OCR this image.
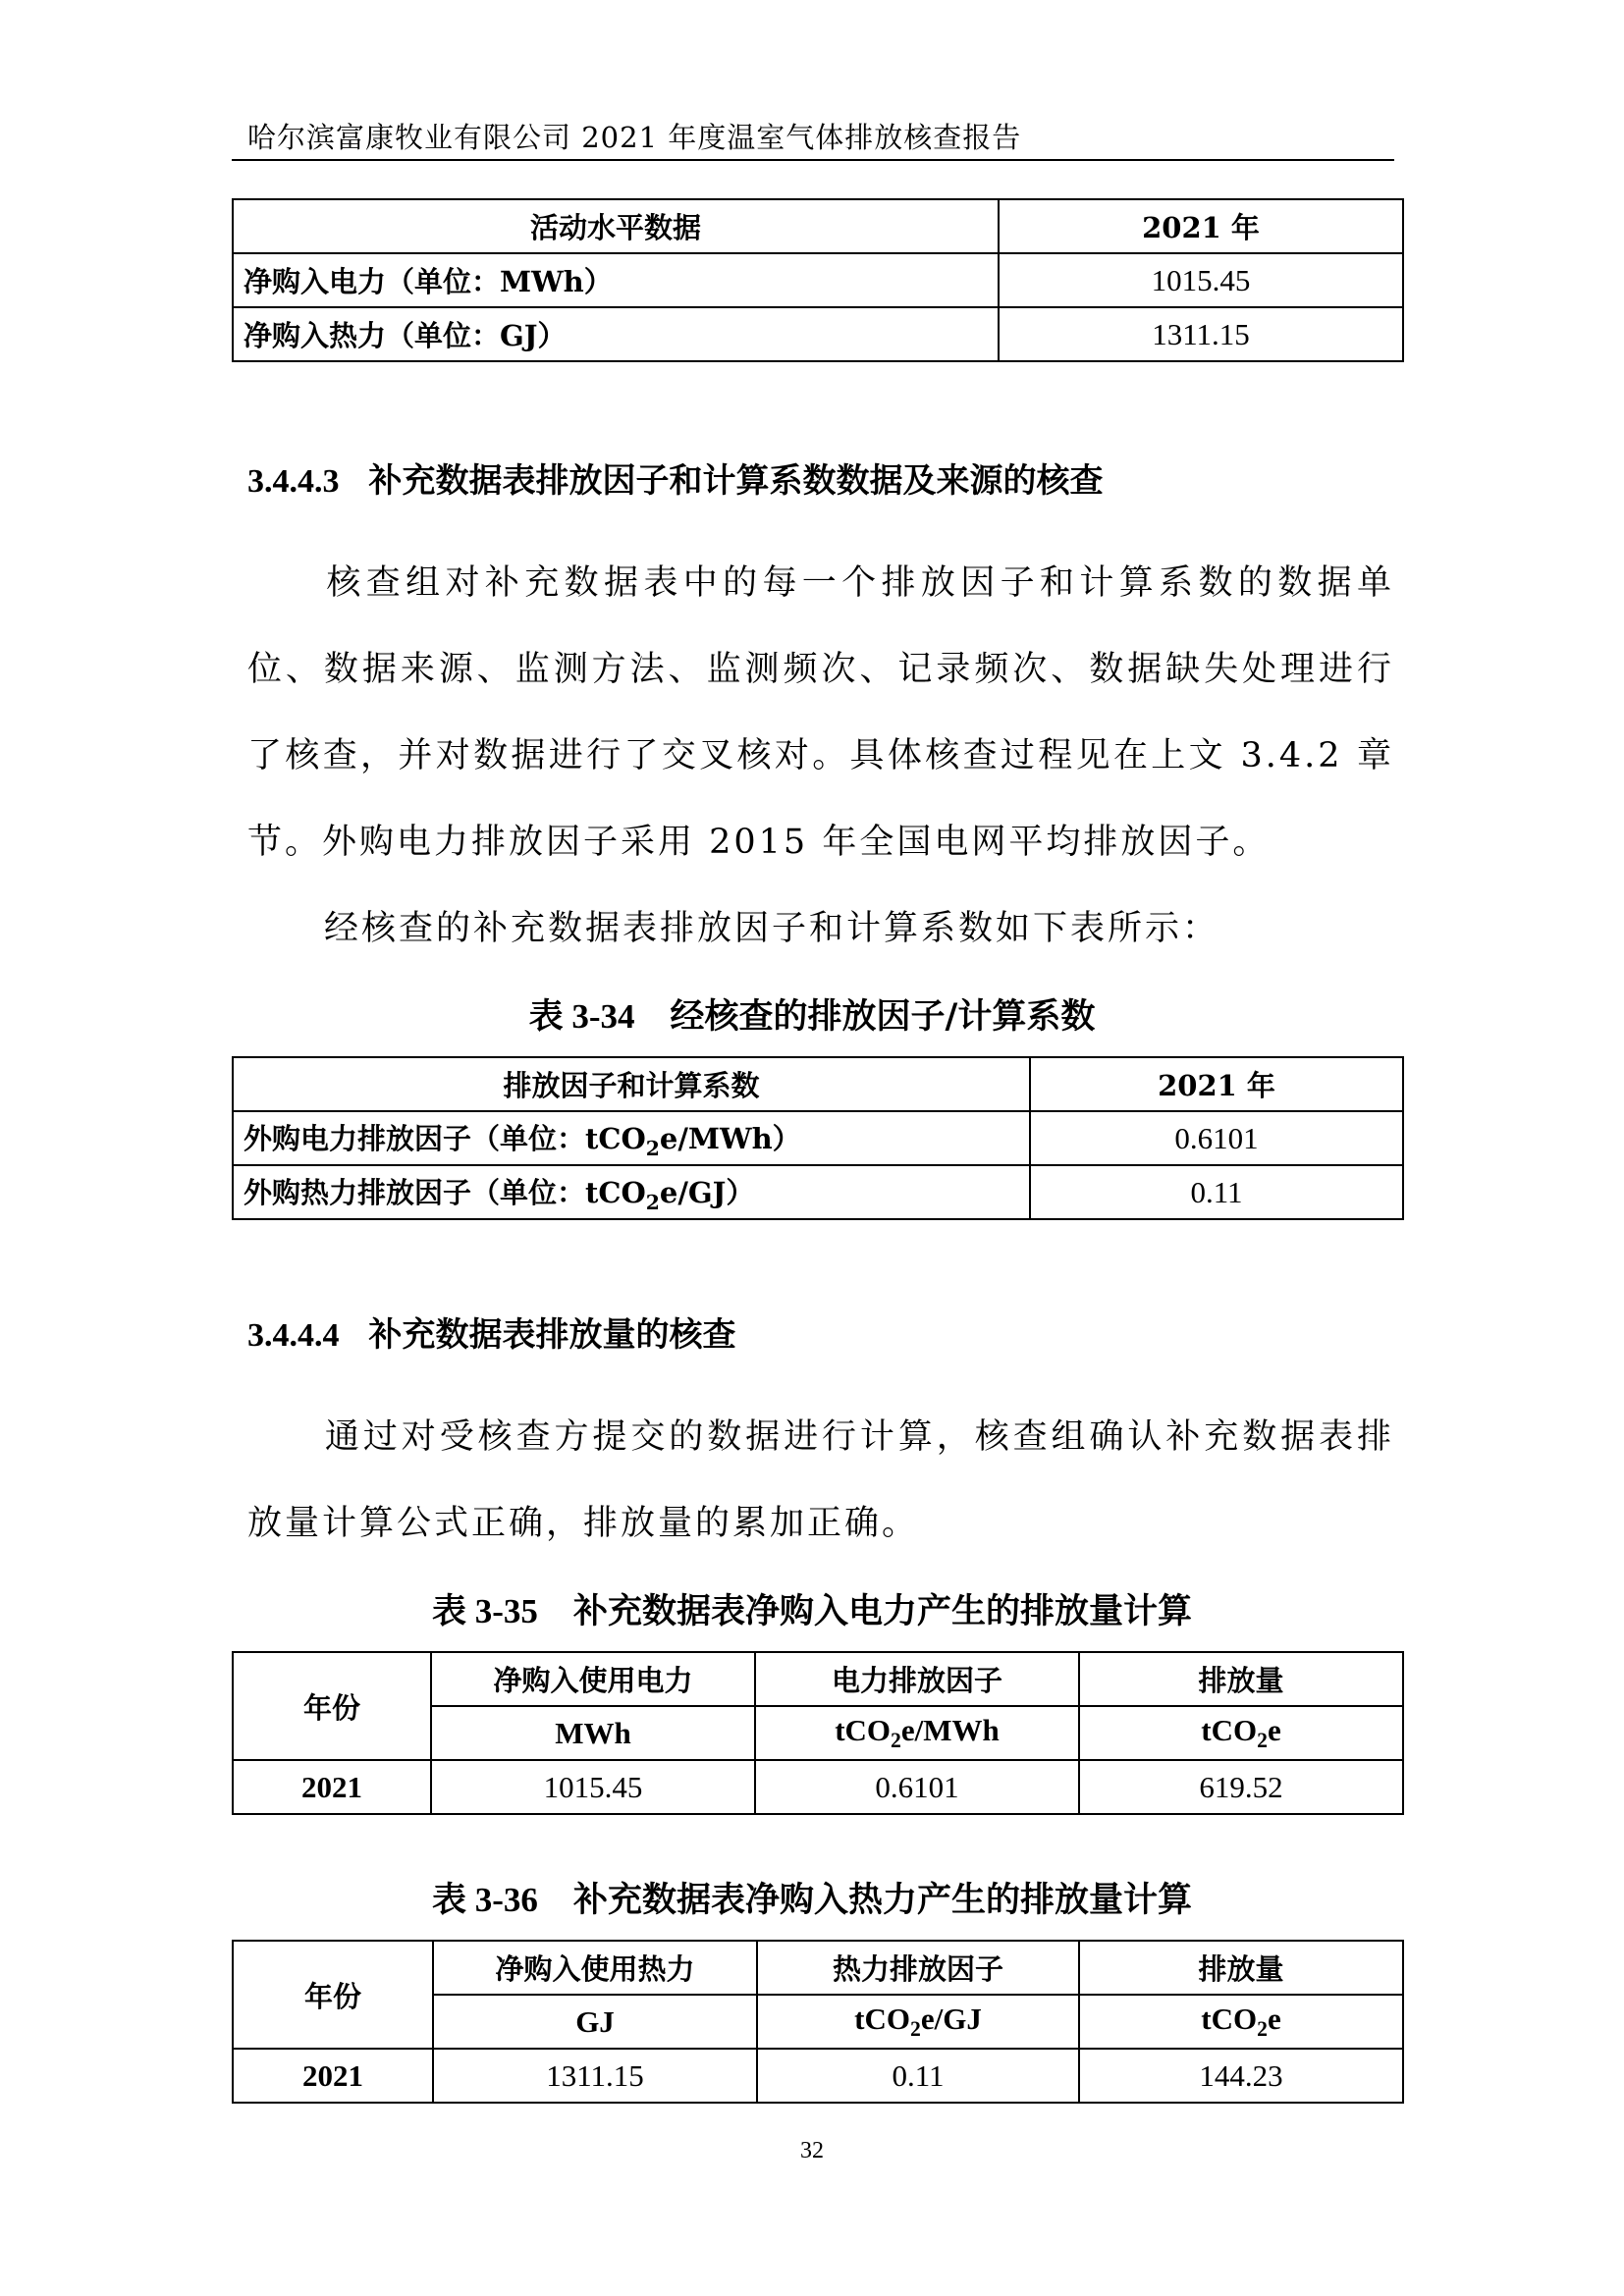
哈尔滨富康牧业有限公司 2021 年度温室气体排放核查报告
活动水平数据	2021 年
净购入电力（单位：MWh）	1015.45
净购入热力（单位：GJ）	1311.15
3.4.4.3 补充数据表排放因子和计算系数数据及来源的核查
核查组对补充数据表中的每一个排放因子和计算系数的数据单位、数据来源、监测方法、监测频次、记录频次、数据缺失处理进行了核查，并对数据进行了交叉核对。具体核查过程见在上文 3.4.2 章节。外购电力排放因子采用 2015 年全国电网平均排放因子。
经核查的补充数据表排放因子和计算系数如下表所示：
表 3-34 经核查的排放因子/计算系数
排放因子和计算系数	2021 年
外购电力排放因子（单位：tCO$_2$e/MWh）	0.6101
外购热力排放因子（单位：tCO$_2$e/GJ）	0.11
3.4.4.4 补充数据表排放量的核查
通过对受核查方提交的数据进行计算，核查组确认补充数据表排放量计算公式正确，排放量的累加正确。
表 3-35 补充数据表净购入电力产生的排放量计算
年份	净购入使用电力	电力排放因子	排放量
	MWh	tCO$_2$e/MWh	tCO$_2$e
2021	1015.45	0.6101	619.52
表 3-36 补充数据表净购入热力产生的排放量计算
年份	净购入使用热力	热力排放因子	排放量
	GJ	tCO$_2$e/GJ	tCO$_2$e
2021	1311.15	0.11	144.23
32
